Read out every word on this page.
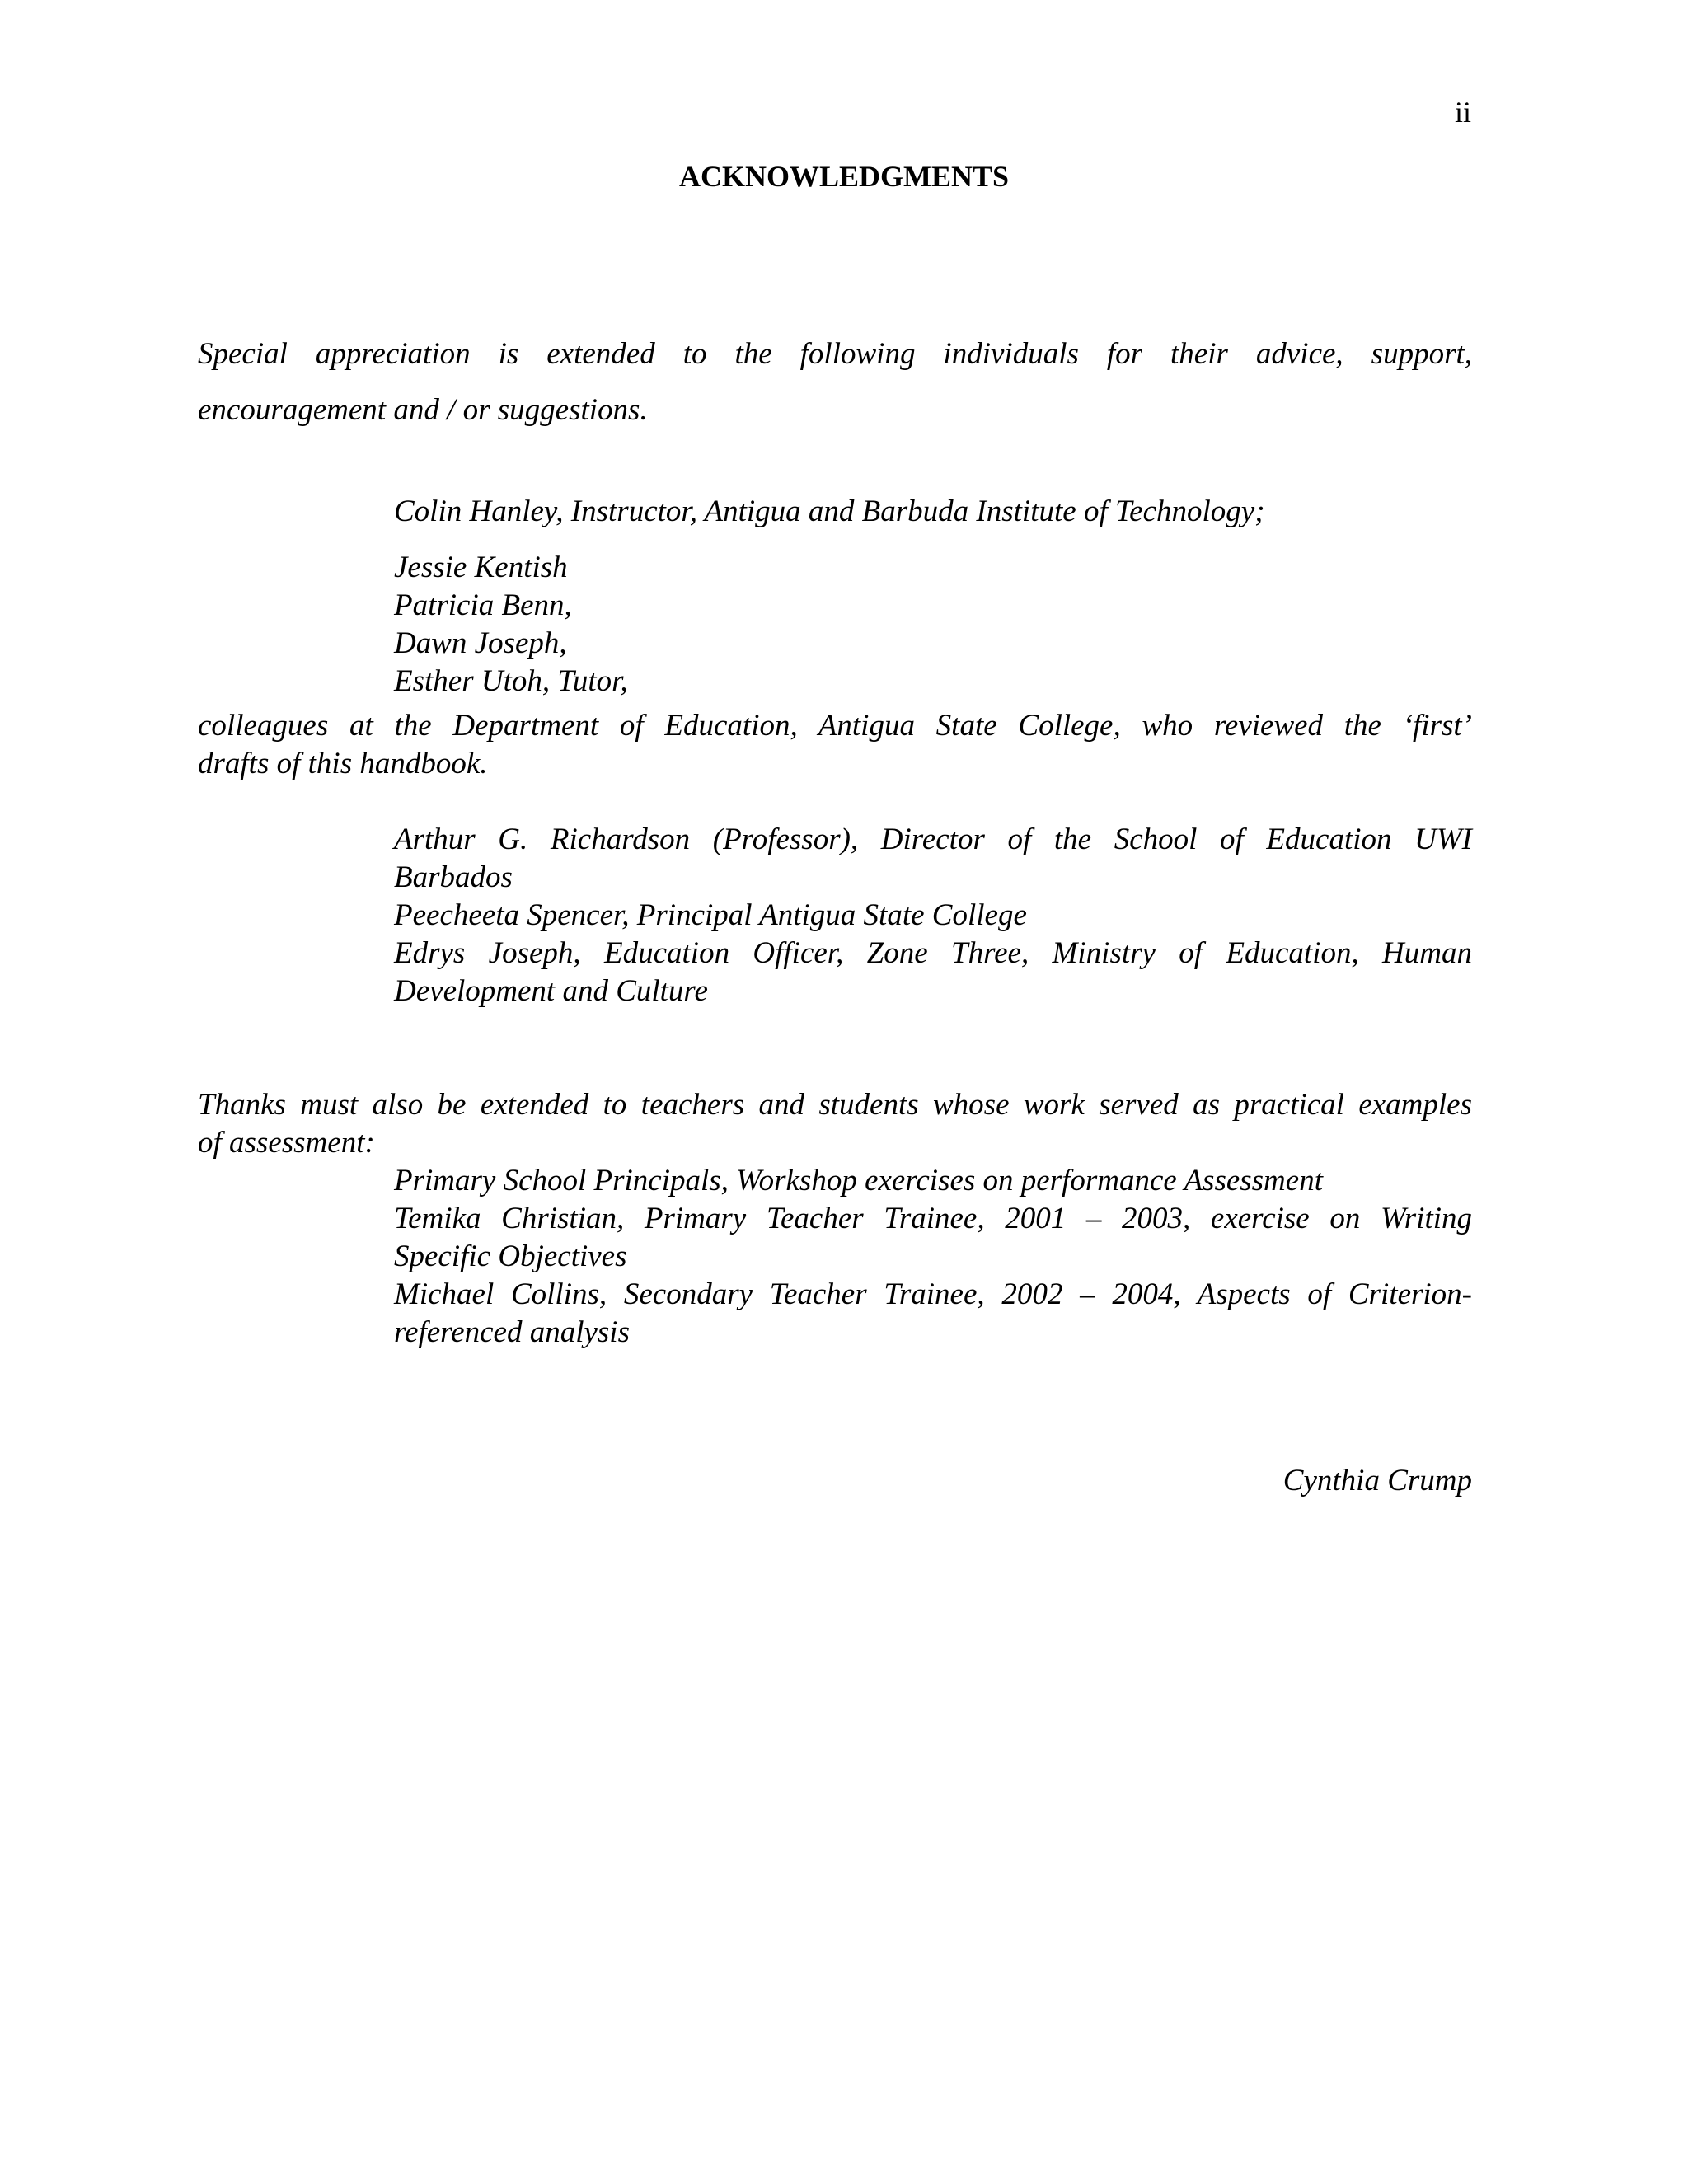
ii
ACKNOWLEDGMENTS
Special appreciation is extended to the following individuals for their advice, support,
encouragement and / or suggestions.
Colin Hanley, Instructor, Antigua and Barbuda Institute of Technology;
Jessie Kentish
Patricia Benn,
Dawn Joseph,
Esther Utoh, Tutor,
colleagues at the Department of Education, Antigua State College, who reviewed the ‘first’
drafts of this handbook.
Arthur G. Richardson (Professor), Director of the School of Education UWI
Barbados
Peecheeta Spencer, Principal Antigua State College
Edrys Joseph, Education Officer, Zone Three, Ministry of Education, Human
Development and Culture
Thanks must also be extended to teachers and students whose work served as practical examples
of assessment:
Primary School Principals, Workshop exercises on performance Assessment
Temika Christian, Primary Teacher Trainee, 2001 – 2003, exercise on Writing
Specific Objectives
Michael Collins, Secondary Teacher Trainee, 2002 – 2004, Aspects of Criterion-
referenced analysis
Cynthia Crump
